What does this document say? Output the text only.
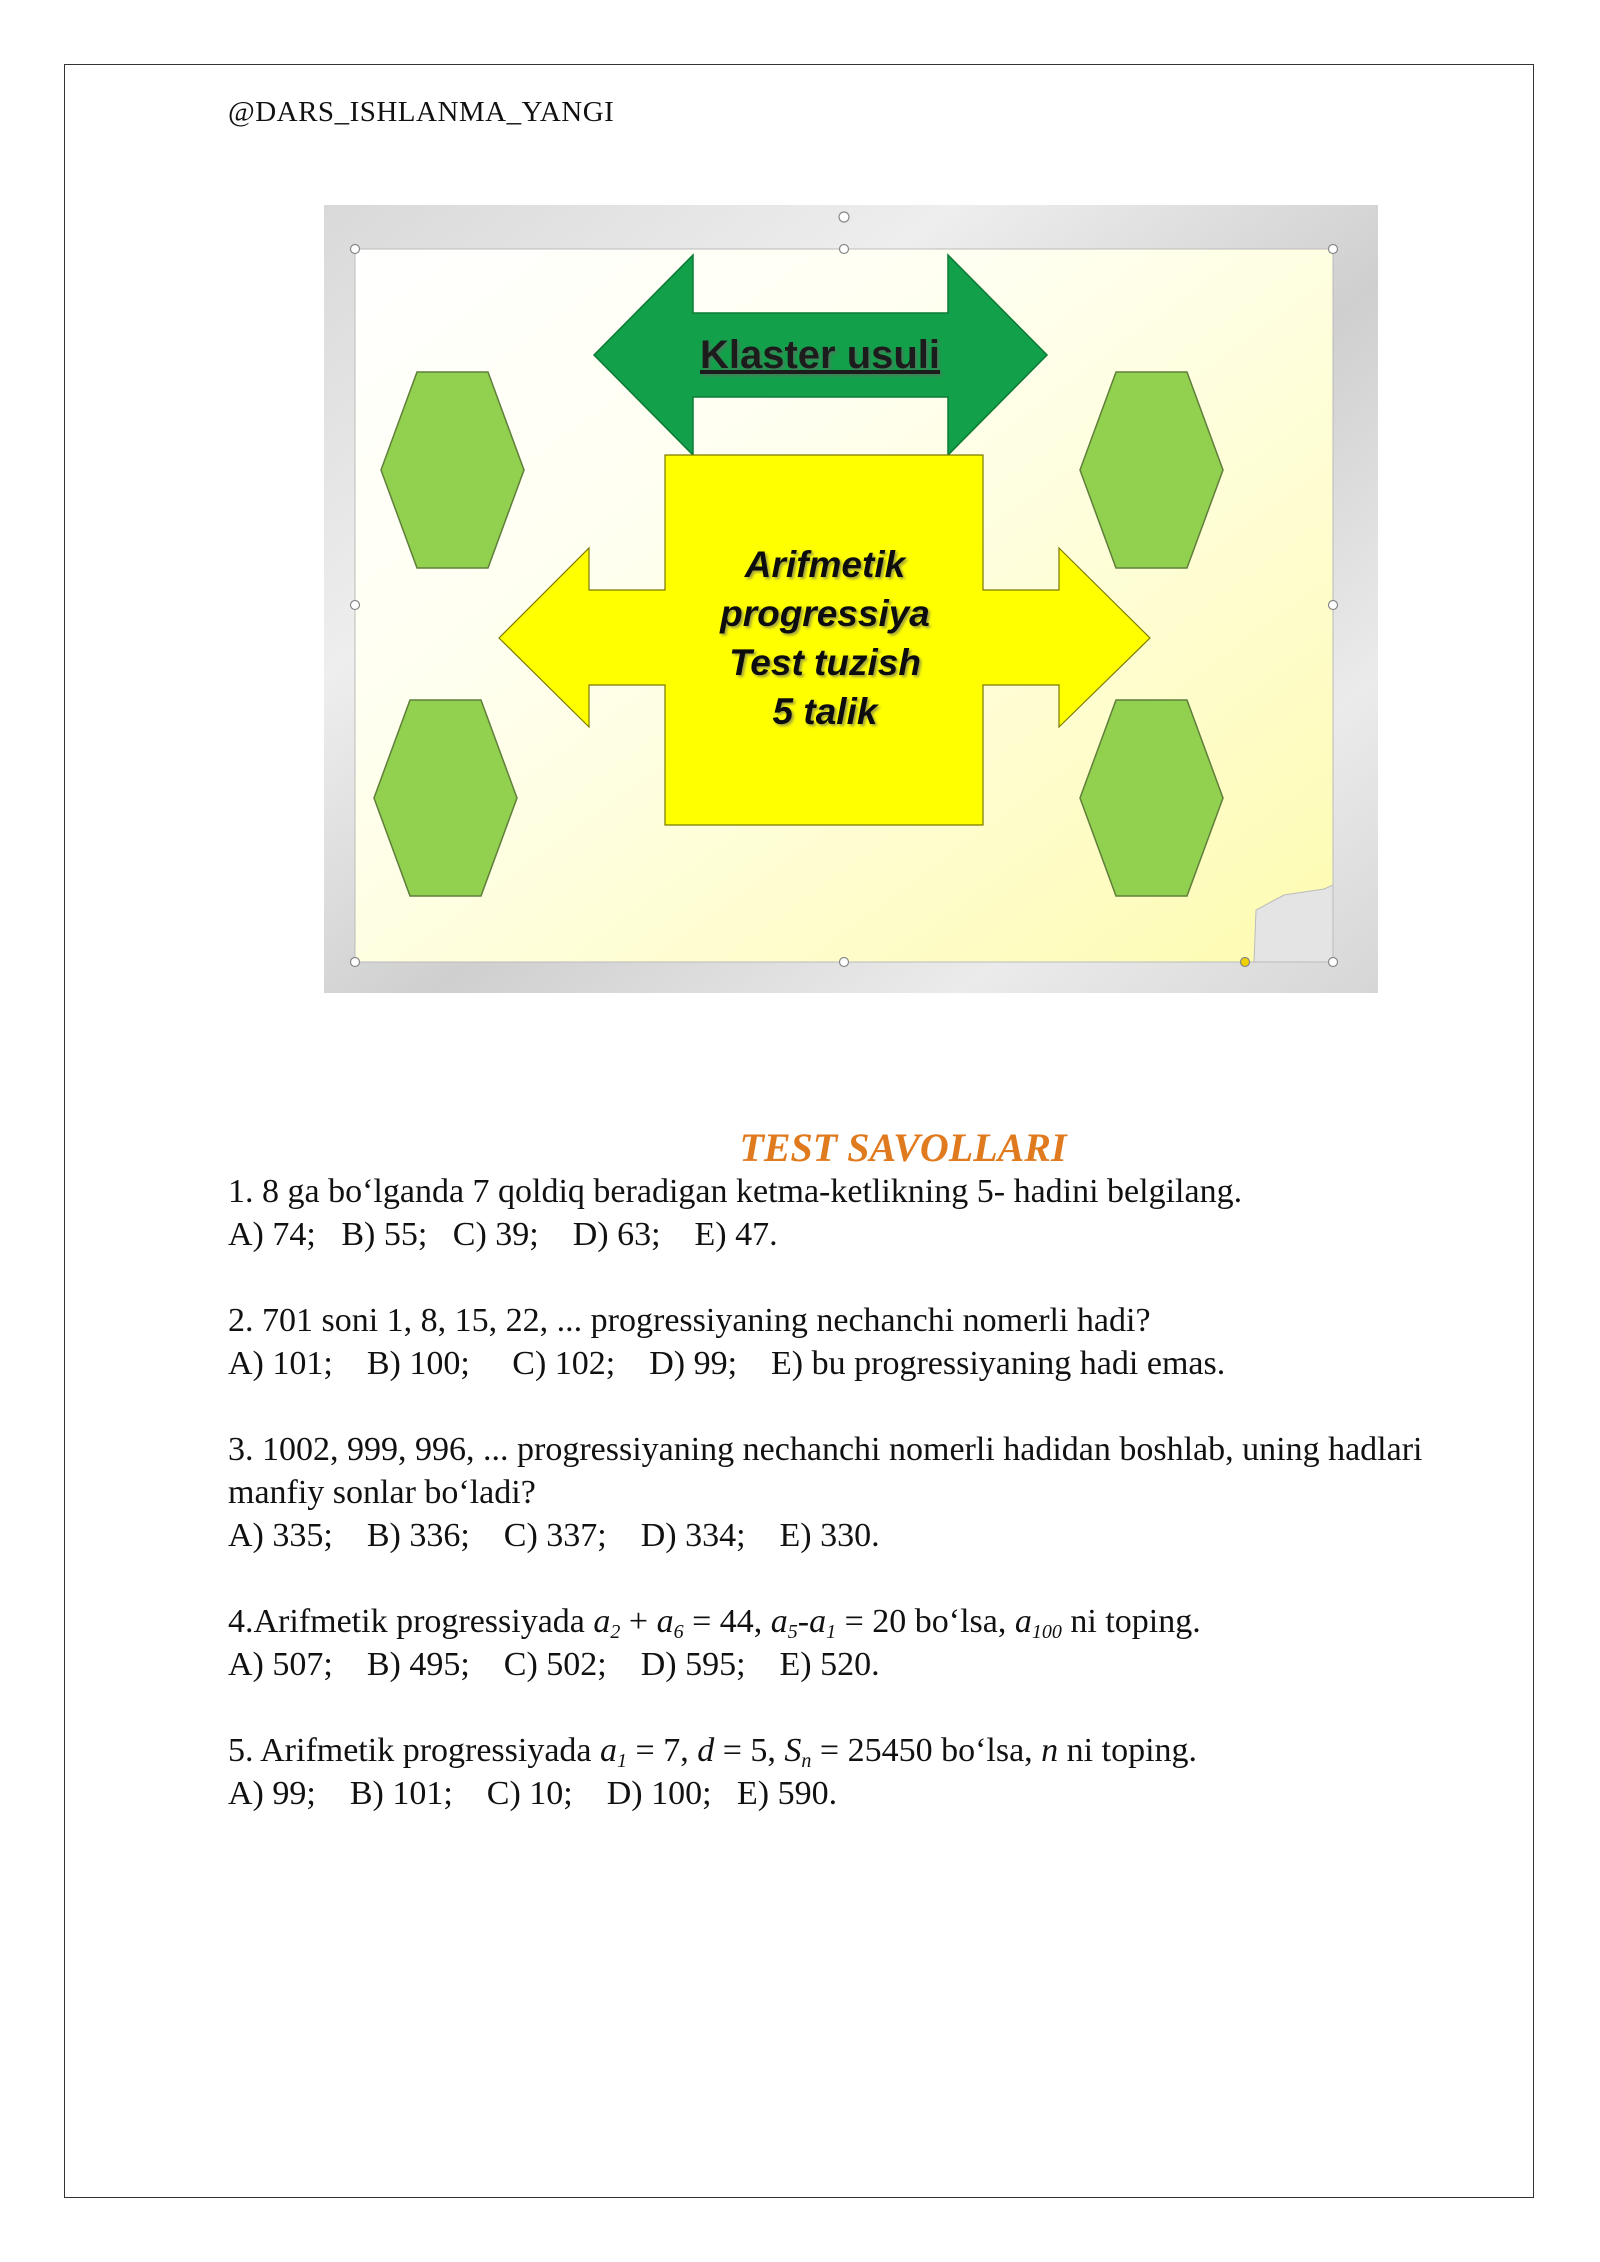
@DARS_ISHLANMA_YANGI
Klaster usuli
Arifmetik
progressiya
Test tuzish
5 talik
TEST SAVOLLARI
1. 8 ga bo‘lganda 7 qoldiq beradigan ketma-ketlikning 5- hadini belgilang.
A) 74;   B) 55;   C) 39;    D) 63;    E) 47.
2. 701 soni 1, 8, 15, 22, ... progressiyaning nechanchi nomerli hadi?
A) 101;    B) 100;     C) 102;    D) 99;    E) bu progressiyaning hadi emas.
3. 1002, 999, 996, ... progressiyaning nechanchi nomerli hadidan boshlab, uning hadlari manfiy sonlar bo‘ladi?
A) 335;    B) 336;    C) 337;    D) 334;    E) 330.
4.Arifmetik progressiyada $a_2 + a_6 = 44$, $a_5-a_1 = 20$ bo‘lsa, $a_{100}$ ni toping.
A) 507;    B) 495;    C) 502;    D) 595;    E) 520.
5. Arifmetik progressiyada $a_1 = 7$, d = 5, $S_n = 25450$ bo‘lsa, n ni toping.
A) 99;    B) 101;    C) 10;    D) 100;   E) 590.
